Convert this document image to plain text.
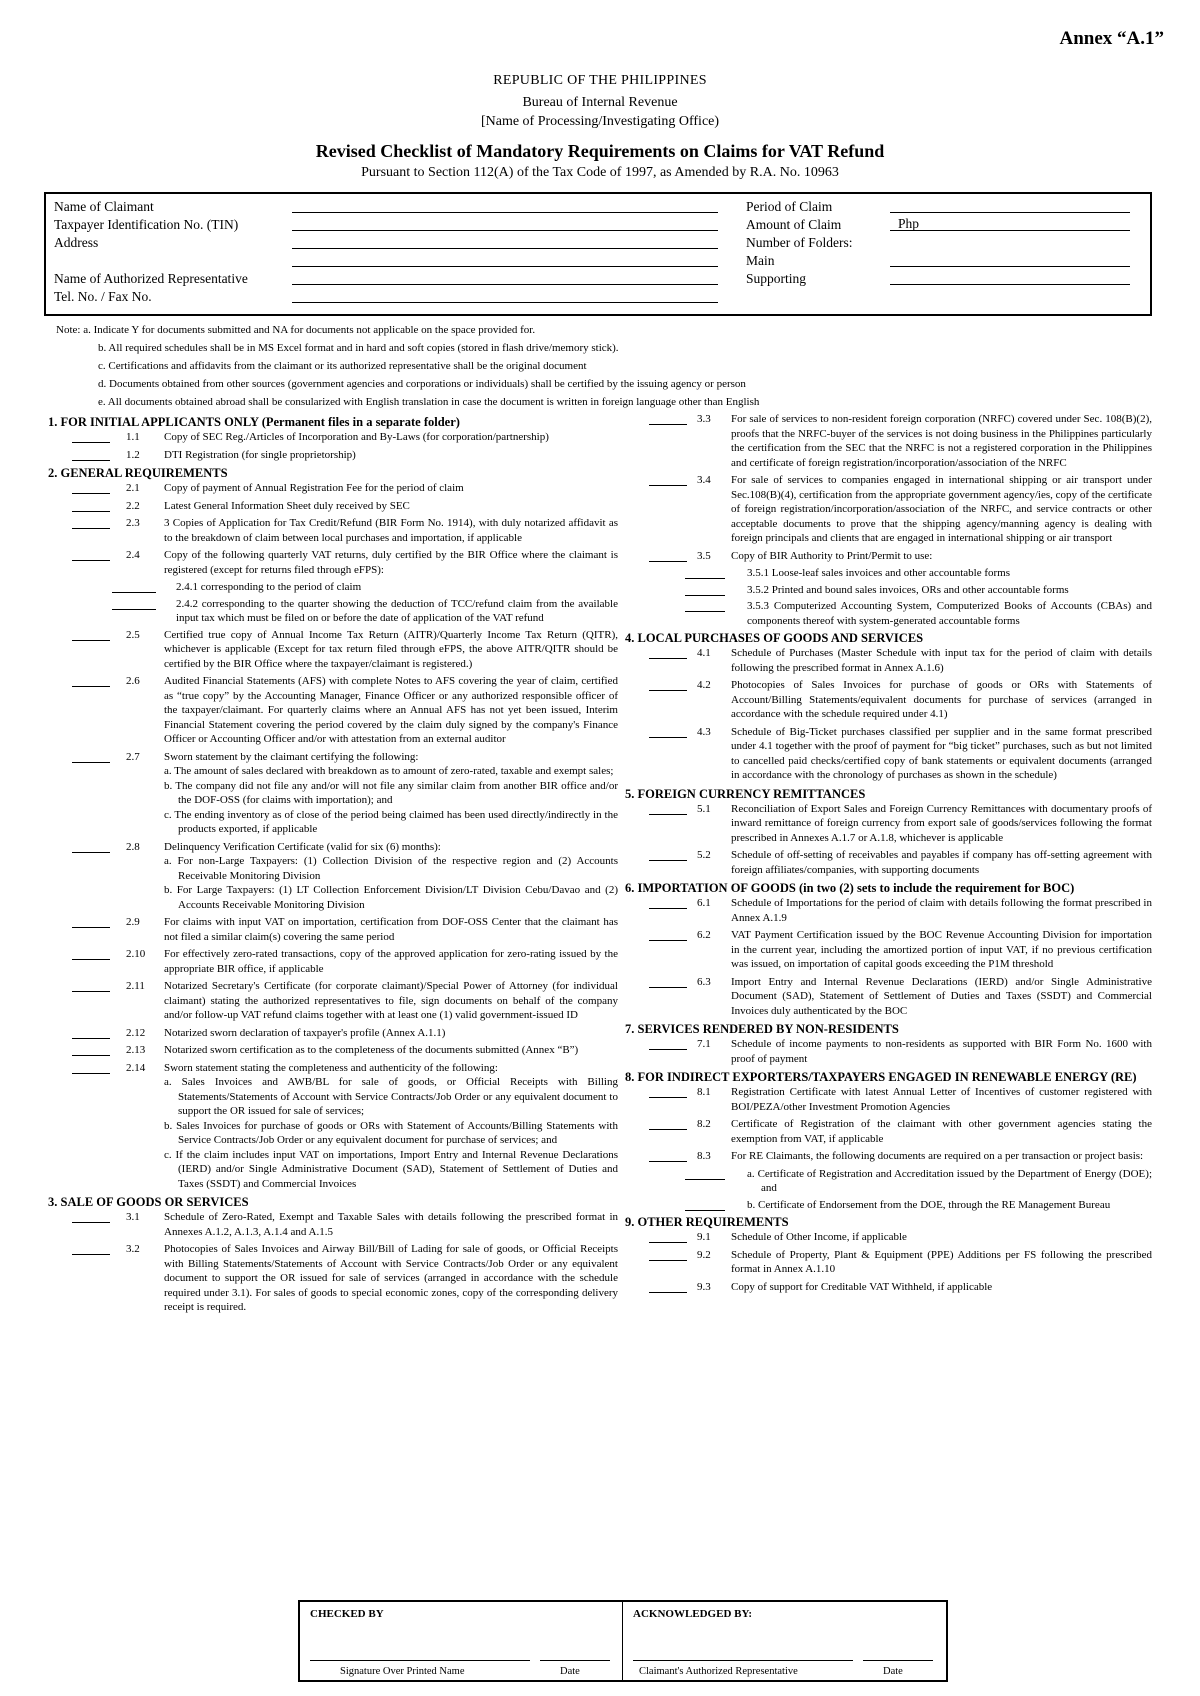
Annex “A.1”
REPUBLIC OF THE PHILIPPINES
Bureau of Internal Revenue
[Name of Processing/Investigating Office)
Revised Checklist of Mandatory Requirements on Claims for VAT Refund
Pursuant to Section 112(A) of the Tax Code of 1997, as Amended by R.A. No. 10963
Name of Claimant
Taxpayer Identification No. (TIN)
Address
Name of Authorized Representative
Tel. No. / Fax No.
Period of Claim
Amount of Claim	Php
Number of Folders:
Main
Supporting
Note: a. Indicate Y for documents submitted and NA for documents not applicable on the space provided for.
b. All required schedules shall be in MS Excel format and in hard and soft copies (stored in flash drive/memory stick).
c. Certifications and affidavits from the claimant or its authorized representative shall be the original document
d. Documents obtained from other sources (government agencies and corporations or individuals) shall be certified by the issuing agency or person
e. All documents obtained abroad shall be consularized with English translation in case the document is written in foreign language other than English
1. FOR INITIAL APPLICANTS ONLY (Permanent files in a separate folder)
1.1 Copy of SEC Reg./Articles of Incorporation and By-Laws (for corporation/partnership)
1.2 DTI Registration (for single proprietorship)
2. GENERAL REQUIREMENTS
2.1 Copy of payment of Annual Registration Fee for the period of claim
2.2 Latest General Information Sheet duly received by SEC
2.3 3 Copies of Application for Tax Credit/Refund (BIR Form No. 1914), with duly notarized affidavit as to the breakdown of claim between local purchases and importation, if applicable
2.4 Copy of the following quarterly VAT returns, duly certified by the BIR Office where the claimant is registered (except for returns filed through eFPS):
2.4.1 corresponding to the period of claim
2.4.2 corresponding to the quarter showing the deduction of TCC/refund claim from the available input tax which must be filed on or before the date of application of the VAT refund
2.5 Certified true copy of Annual Income Tax Return (AITR)/Quarterly Income Tax Return (QITR), whichever is applicable (Except for tax return filed through eFPS, the above AITR/QITR should be certified by the BIR Office where the taxpayer/claimant is registered.)
2.6 Audited Financial Statements (AFS) with complete Notes to AFS covering the year of claim, certified as “true copy” by the Accounting Manager, Finance Officer or any authorized responsible officer of the taxpayer/claimant. For quarterly claims where an Annual AFS has not yet been issued, Interim Financial Statement covering the period covered by the claim duly signed by the company's Finance Officer or Accounting Officer and/or with attestation from an external auditor
2.7 Sworn statement by the claimant certifying the following:
a. The amount of sales declared with breakdown as to amount of zero-rated, taxable and exempt sales;
b. The company did not file any and/or will not file any similar claim from another BIR office and/or the DOF-OSS (for claims with importation); and
c. The ending inventory as of close of the period being claimed has been used directly/indirectly in the products exported, if applicable
2.8 Delinquency Verification Certificate (valid for six (6) months):
a. For non-Large Taxpayers: (1) Collection Division of the respective region and (2) Accounts Receivable Monitoring Division
b. For Large Taxpayers: (1) LT Collection Enforcement Division/LT Division Cebu/Davao and (2) Accounts Receivable Monitoring Division
2.9 For claims with input VAT on importation, certification from DOF-OSS Center that the claimant has not filed a similar claim(s) covering the same period
2.10 For effectively zero-rated transactions, copy of the approved application for zero-rating issued by the appropriate BIR office, if applicable
2.11 Notarized Secretary's Certificate (for corporate claimant)/Special Power of Attorney (for individual claimant) stating the authorized representatives to file, sign documents on behalf of the company and/or follow-up VAT refund claims together with at least one (1) valid government-issued ID
2.12 Notarized sworn declaration of taxpayer's profile (Annex A.1.1)
2.13 Notarized sworn certification as to the completeness of the documents submitted (Annex “B”)
2.14 Sworn statement stating the completeness and authenticity of the following:
a. Sales Invoices and AWB/BL for sale of goods, or Official Receipts with Billing Statements/Statements of Account with Service Contracts/Job Order or any equivalent document to support the OR issued for sale of services;
b. Sales Invoices for purchase of goods or ORs with Statement of Accounts/Billing Statements with Service Contracts/Job Order or any equivalent document for purchase of services; and
c. If the claim includes input VAT on importations, Import Entry and Internal Revenue Declarations (IERD) and/or Single Administrative Document (SAD), Statement of Settlement of Duties and Taxes (SSDT) and Commercial Invoices
3. SALE OF GOODS OR SERVICES
3.1 Schedule of Zero-Rated, Exempt and Taxable Sales with details following the prescribed format in Annexes A.1.2, A.1.3, A.1.4 and A.1.5
3.2 Photocopies of Sales Invoices and Airway Bill/Bill of Lading for sale of goods, or Official Receipts with Billing Statements/Statements of Account with Service Contracts/Job Order or any equivalent document to support the OR issued for sale of services (arranged in accordance with the schedule required under 3.1). For sales of goods to special economic zones, copy of the corresponding delivery receipt is required.
3.3 For sale of services to non-resident foreign corporation (NRFC) covered under Sec. 108(B)(2), proofs that the NRFC-buyer of the services is not doing business in the Philippines particularly the certification from the SEC that the NRFC is not a registered corporation in the Philippines and certificate of foreign registration/incorporation/association of the NRFC
3.4 For sale of services to companies engaged in international shipping or air transport under Sec.108(B)(4), certification from the appropriate government agency/ies, copy of the certificate of foreign registration/incorporation/association of the NRFC, and service contracts or other acceptable documents to prove that the shipping agency/manning agency is dealing with foreign principals and clients that are engaged in international shipping or air transport
3.5 Copy of BIR Authority to Print/Permit to use:
3.5.1 Loose-leaf sales invoices and other accountable forms
3.5.2 Printed and bound sales invoices, ORs and other accountable forms
3.5.3 Computerized Accounting System, Computerized Books of Accounts (CBAs) and components thereof with system-generated accountable forms
4. LOCAL PURCHASES OF GOODS AND SERVICES
4.1 Schedule of Purchases (Master Schedule with input tax for the period of claim with details following the prescribed format in Annex A.1.6)
4.2 Photocopies of Sales Invoices for purchase of goods or ORs with Statements of Account/Billing Statements/equivalent documents for purchase of services (arranged in accordance with the schedule required under 4.1)
4.3 Schedule of Big-Ticket purchases classified per supplier and in the same format prescribed under 4.1 together with the proof of payment for “big ticket” purchases, such as but not limited to cancelled paid checks/certified copy of bank statements or equivalent documents (arranged in accordance with the chronology of purchases as shown in the schedule)
5. FOREIGN CURRENCY REMITTANCES
5.1 Reconciliation of Export Sales and Foreign Currency Remittances with documentary proofs of inward remittance of foreign currency from export sale of goods/services following the format prescribed in Annexes A.1.7 or A.1.8, whichever is applicable
5.2 Schedule of off-setting of receivables and payables if company has off-setting agreement with foreign affiliates/companies, with supporting documents
6. IMPORTATION OF GOODS (in two (2) sets to include the requirement for BOC)
6.1 Schedule of Importations for the period of claim with details following the format prescribed in Annex A.1.9
6.2 VAT Payment Certification issued by the BOC Revenue Accounting Division for importation in the current year, including the amortized portion of input VAT, if no previous certification was issued, on importation of capital goods exceeding the P1M threshold
6.3 Import Entry and Internal Revenue Declarations (IERD) and/or Single Administrative Document (SAD), Statement of Settlement of Duties and Taxes (SSDT) and Commercial Invoices duly authenticated by the BOC
7. SERVICES RENDERED BY NON-RESIDENTS
7.1 Schedule of income payments to non-residents as supported with BIR Form No. 1600 with proof of payment
8. FOR INDIRECT EXPORTERS/TAXPAYERS ENGAGED IN RENEWABLE ENERGY (RE)
8.1 Registration Certificate with latest Annual Letter of Incentives of customer registered with BOI/PEZA/other Investment Promotion Agencies
8.2 Certificate of Registration of the claimant with other government agencies stating the exemption from VAT, if applicable
8.3 For RE Claimants, the following documents are required on a per transaction or project basis:
a. Certificate of Registration and Accreditation issued by the Department of Energy (DOE); and
b. Certificate of Endorsement from the DOE, through the RE Management Bureau
9. OTHER REQUIREMENTS
9.1 Schedule of Other Income, if applicable
9.2 Schedule of Property, Plant & Equipment (PPE) Additions per FS following the prescribed format in Annex A.1.10
9.3 Copy of support for Creditable VAT Withheld, if applicable
CHECKED BY
Signature Over Printed Name	Date
ACKNOWLEDGED BY:
Claimant's Authorized Representative	Date
